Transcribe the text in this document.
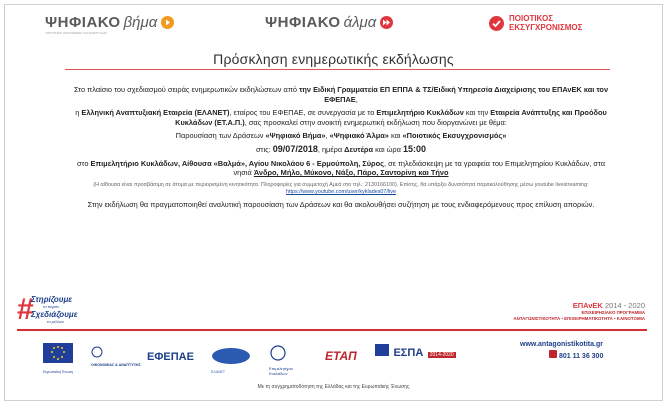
ΨΗΦΙΑΚΟ βήμα
ΥΠΟΥΡΓΕΙΟ ΟΙΚΟΝΟΜΙΑΣ ΚΑΙ ΑΝΑΠΤΥΞΗΣ
ΨΗΦΙΑΚΟ άλμα	ΠΟΙΟΤΙΚΟΣ
ΕΚΣΥΓΧΡΟΝΙΣΜΟΣ
Πρόσκληση ενημερωτικής εκδήλωσης

Στο πλαίσιο του σχεδιασμού σειράς ενημερωτικών εκδηλώσεων από την Ειδική Γραμματεία ΕΠ ΕΠΠΑ & ΤΣ/Ειδική Υπηρεσία Διαχείρισης του ΕΠΑνΕΚ και τον ΕΦΕΠΑΕ,

η Ελληνική Αναπτυξιακή Εταιρεία (ΕΛΑΝΕΤ), εταίρος του ΕΦΕΠΑΕ, σε συνεργασία με το Επιμελητήριο Κυκλάδων και την Εταιρεία Ανάπτυξης και Προόδου Κυκλάδων (ΕΤ.Α.Π.), σας προσκαλεί στην ανοικτή ενημερωτική εκδήλωση που διοργανώνει με θέμα:

Παρουσίαση των Δράσεων «Ψηφιακό Βήμα», «Ψηφιακό Άλμα» και «Ποιοτικός Εκσυγχρονισμός»

στις: 09/07/2018, ημέρα Δευτέρα και ώρα 15:00

στο Επιμελητήριο Κυκλάδων, Αίθουσα «Βαλμά», Αγίου Νικολάου 6 - Ερμούπολη, Σύρος, σε τηλεδιάσκεψη με τα γραφεία του Επιμελητηρίου Κυκλάδων, στα νησιά Άνδρο, Μήλο, Μύκονο, Νάξο, Πάρο, Σαντορίνη και Τήνο

(Η αίθουσα είναι προσβάσιμη σε άτομα με περιορισμένη κινητικότητα. Πληροφορίες για συμμετοχή Αμεά στο τηλ.: 2130166100). Επίσης, θα υπάρξει δυνατότητα παρακολούθησης μέσω youtube livestreaming: https://www.youtube.com/user/kyklades07/live

Στην εκδήλωση θα πραγματοποιηθεί αναλυτική παρουσίαση των Δράσεων και θα ακολουθήσει συζήτηση με τους ενδιαφερόμενους προς επίλυση απoριών.

#
Στηρίζουμε
το παρόν
Σχεδιάζουμε
το μέλλον
ΕΠΑνΕΚ 2014 - 2020
ΕΠΙΧΕΙΡΗΣΙΑΚΟ ΠΡΟΓΡΑΜΜΑ
ΑΝΤΑΓΩΝΙΣΤΙΚΟΤΗΤΑ • ΕΠΙΧΕΙΡΗΜΑΤΙΚΟΤΗΤΑ • ΚΑΙΝΟΤΟΜΙΑ
Ευρωπαϊκή Ένωση
ΟΙΚΟΝΟΜΙΑΣ & ΑΝΑΠΤΥΞΗΣ
ΕΦΕΠΑΕ
ΕΛΑΝΕΤ
Επιμελητήριο Κυκλάδων
ΕΤΑΠ	ΕΣΠΑ 2014-2020
www.antagonistikotita.gr
801 11 36 300
Με τη συγχρηματοδότηση της Ελλάδας και της Ευρωπαϊκής Ένωσης
